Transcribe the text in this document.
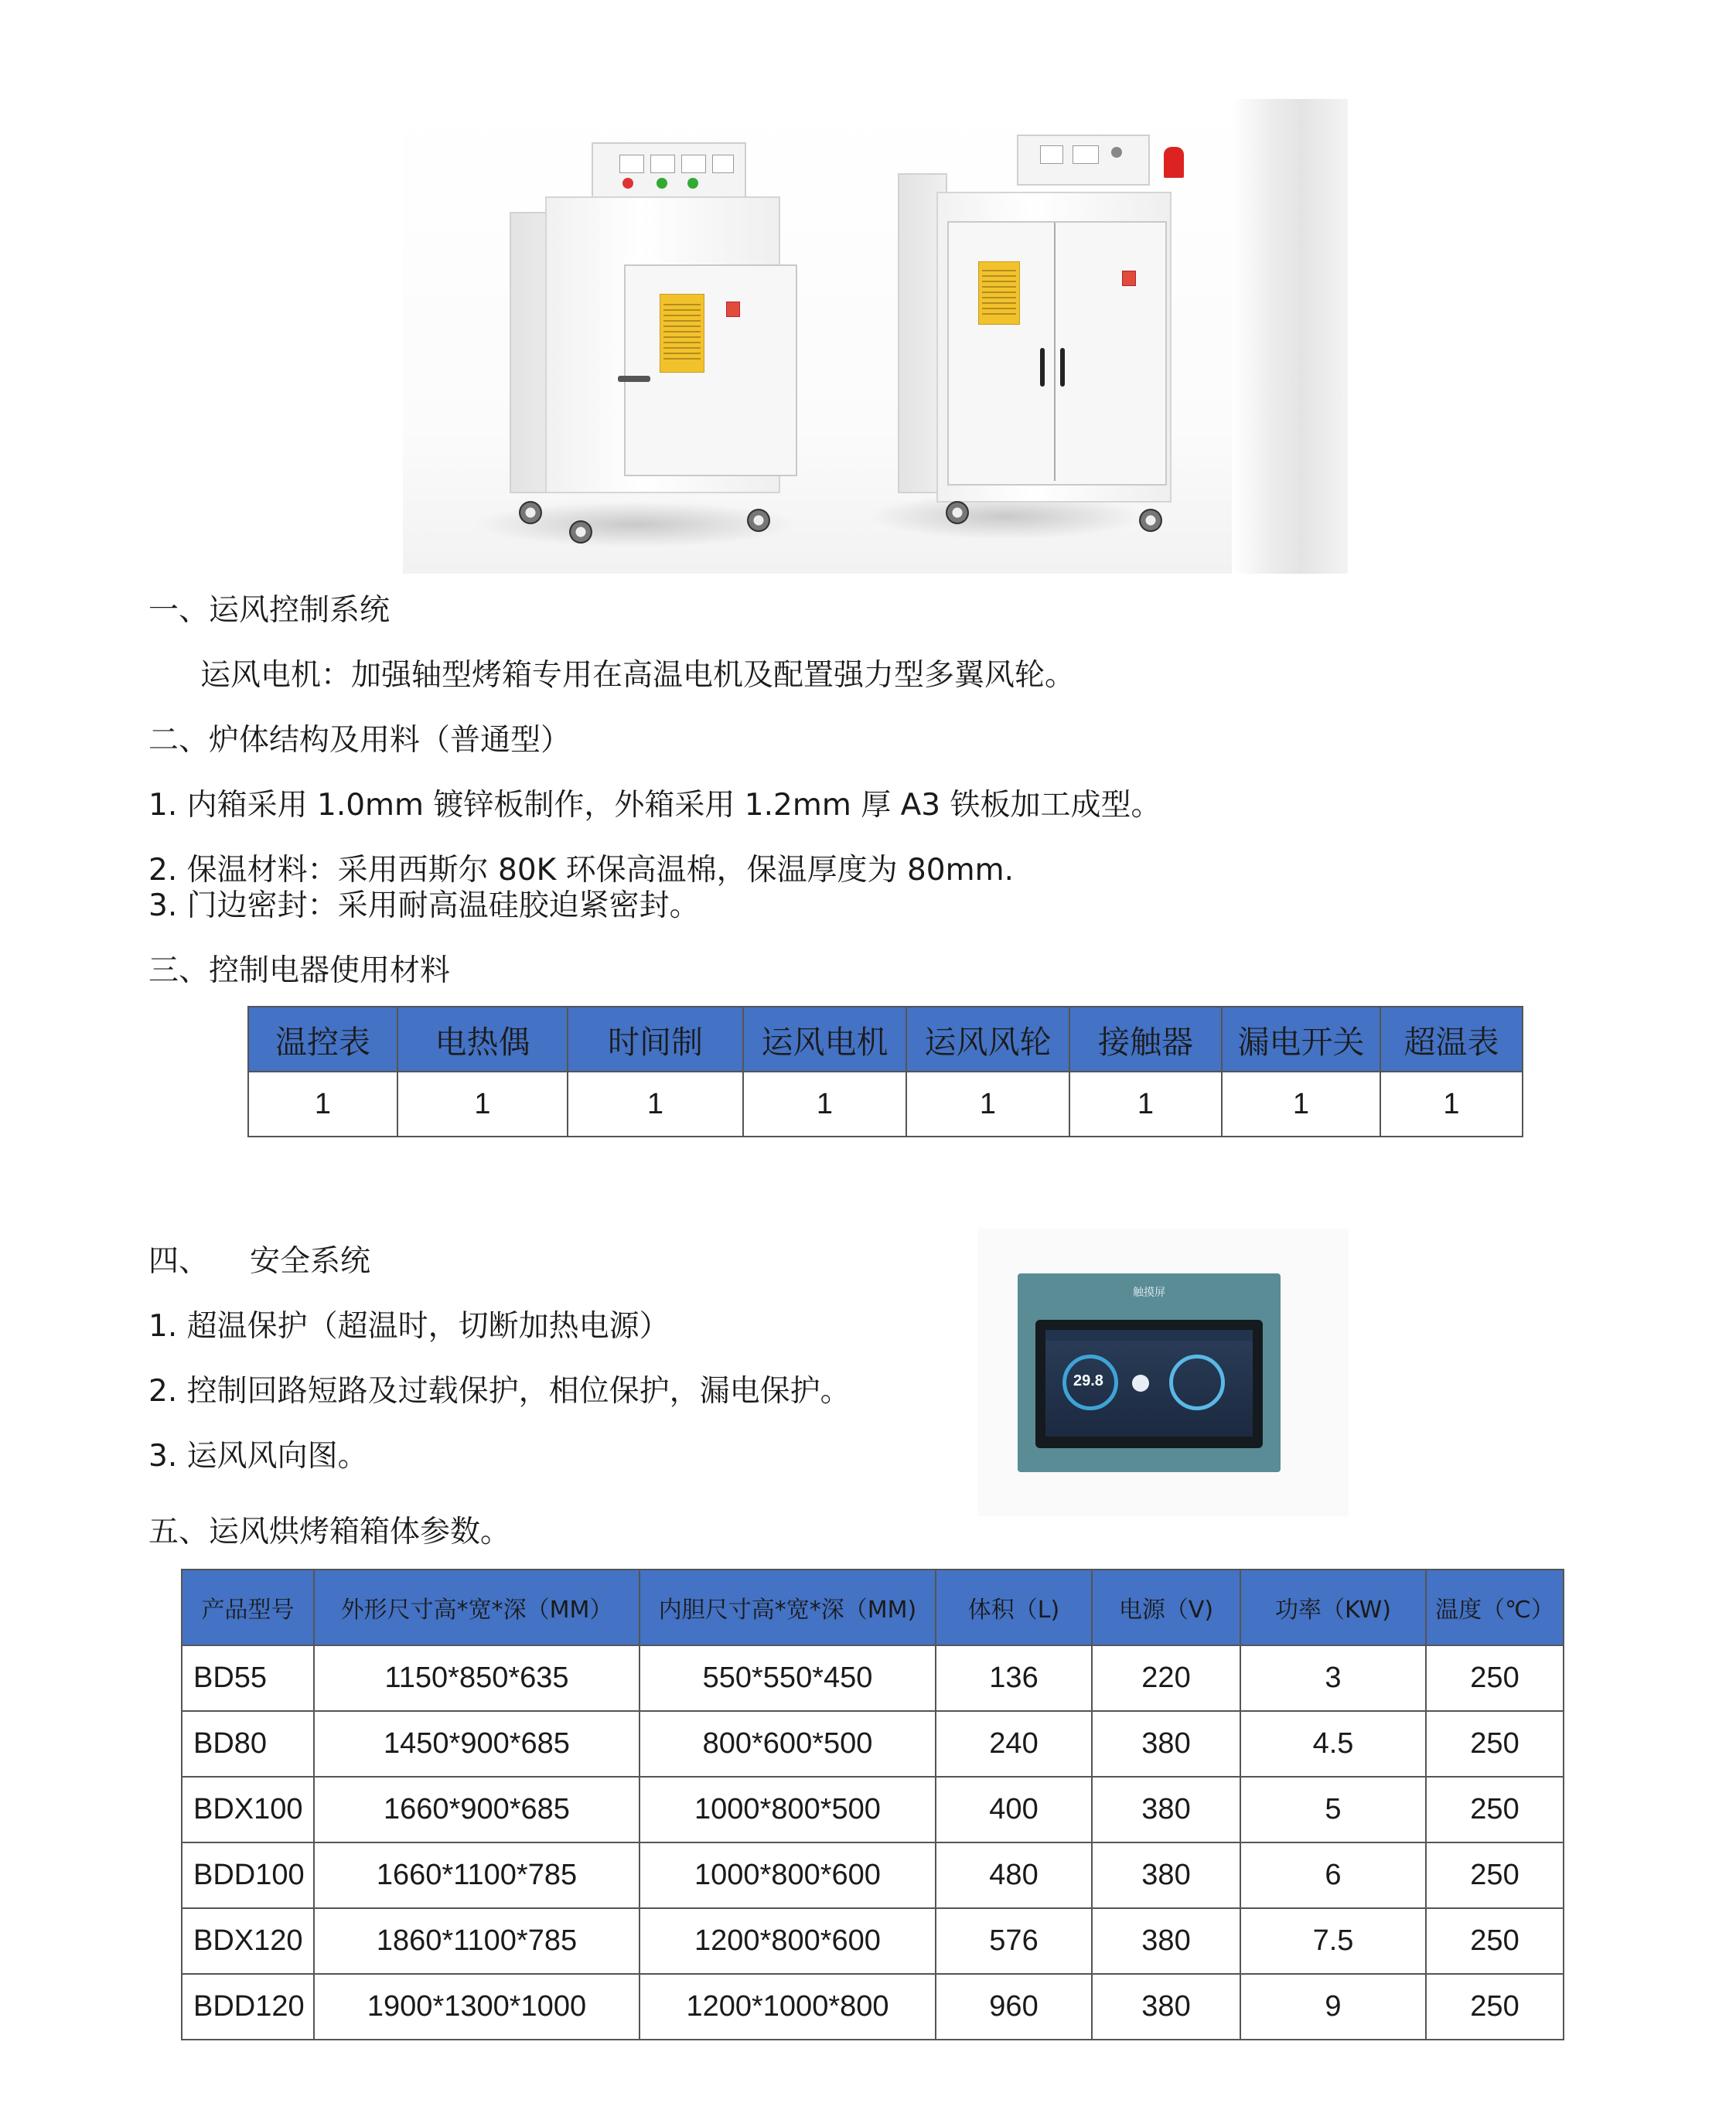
一、运风控制系统
运风电机：加强轴型烤箱专用在高温电机及配置强力型多翼风轮。
二、炉体结构及用料（普通型）
1. 内箱采用 1.0mm 镀锌板制作，外箱采用 1.2mm 厚 A3 铁板加工成型。
2. 保温材料：采用西斯尔 80K 环保高温棉，保温厚度为 80mm.
3. 门边密封：采用耐高温硅胶迫紧密封。
三、控制电器使用材料
温控表	电热偶	时间制	运风电机	运风风轮	接触器	漏电开关	超温表
1	1	1	1	1	1	1	1
四、 安全系统
1. 超温保护（超温时，切断加热电源）
2. 控制回路短路及过载保护，相位保护，漏电保护。
3. 运风风向图。
触摸屏
29.8
五、运风烘烤箱箱体参数。
产品型号	外形尺寸高*宽*深（MM）	内胆尺寸高*宽*深（MM)	体积（L)	电源（V)	功率（KW)	温度（℃）
BD55	1150*850*635	550*550*450	136	220	3	250
BD80	1450*900*685	800*600*500	240	380	4.5	250
BDX100	1660*900*685	1000*800*500	400	380	5	250
BDD100	1660*1100*785	1000*800*600	480	380	6	250
BDX120	1860*1100*785	1200*800*600	576	380	7.5	250
BDD120	1900*1300*1000	1200*1000*800	960	380	9	250
